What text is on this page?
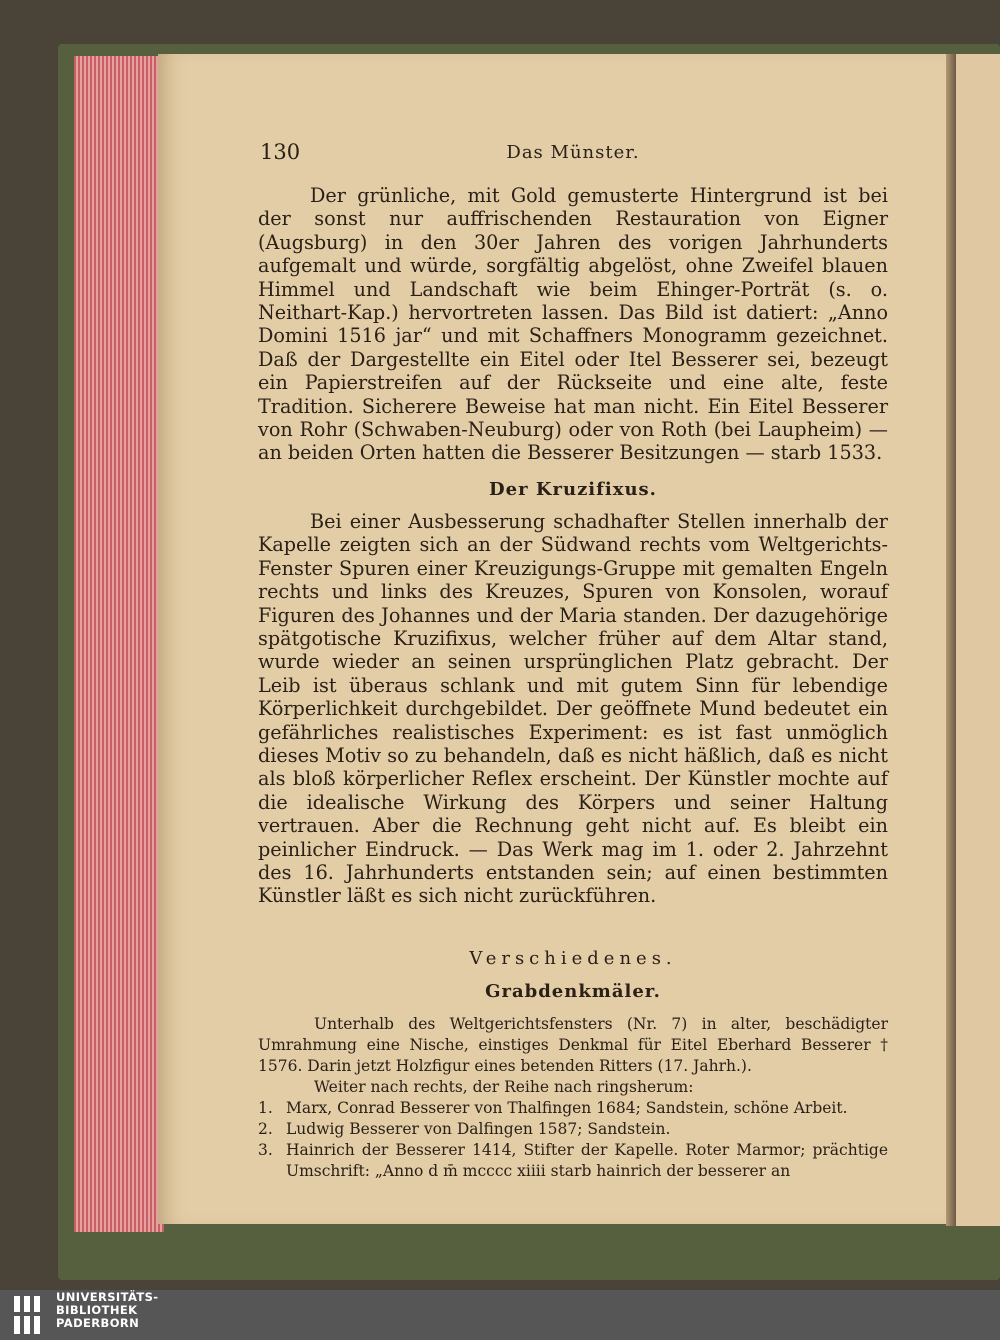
130	Das Münster.

Der grünliche, mit Gold gemusterte Hintergrund ist bei der sonst nur auffrischenden Restauration von Eigner (Augsburg) in den 30er Jahren des vorigen Jahrhunderts aufgemalt und würde, sorgfältig abgelöst, ohne Zweifel blauen Himmel und Landschaft wie beim Ehinger-Porträt (s. o. Neithart-Kap.) hervortreten lassen. Das Bild ist datiert: „Anno Domini 1516 jar“ und mit Schaffners Monogramm gezeichnet. Daß der Dargestellte ein Eitel oder Itel Besserer sei, bezeugt ein Papierstreifen auf der Rückseite und eine alte, feste Tradition. Sicherere Beweise hat man nicht. Ein Eitel Besserer von Rohr (Schwaben-Neuburg) oder von Roth (bei Laupheim) — an beiden Orten hatten die Besserer Besitzungen — starb 1533.

Der Kruzifixus.

Bei einer Ausbesserung schadhafter Stellen innerhalb der Kapelle zeigten sich an der Südwand rechts vom Weltgerichts-Fenster Spuren einer Kreuzigungs-Gruppe mit gemalten Engeln rechts und links des Kreuzes, Spuren von Konsolen, worauf Figuren des Johannes und der Maria standen. Der dazugehörige spätgotische Kruzifixus, welcher früher auf dem Altar stand, wurde wieder an seinen ursprünglichen Platz gebracht. Der Leib ist überaus schlank und mit gutem Sinn für lebendige Körperlichkeit durchgebildet. Der geöffnete Mund bedeutet ein gefährliches realistisches Experiment: es ist fast unmöglich dieses Motiv so zu behandeln, daß es nicht häßlich, daß es nicht als bloß körperlicher Reflex erscheint. Der Künstler mochte auf die idealische Wirkung des Körpers und seiner Haltung vertrauen. Aber die Rechnung geht nicht auf. Es bleibt ein peinlicher Eindruck. — Das Werk mag im 1. oder 2. Jahrzehnt des 16. Jahrhunderts entstanden sein; auf einen bestimmten Künstler läßt es sich nicht zurückführen.

Verschiedenes.
Grabdenkmäler.

Unterhalb des Weltgerichtsfensters (Nr. 7) in alter, beschädigter Umrahmung eine Nische, einstiges Denkmal für Eitel Eberhard Besserer † 1576. Darin jetzt Holzfigur eines betenden Ritters (17. Jahrh.).

Weiter nach rechts, der Reihe nach ringsherum:

1. Marx, Conrad Besserer von Thalfingen 1684; Sandstein, schöne Arbeit.
2. Ludwig Besserer von Dalfingen 1587; Sandstein.
3. Hainrich der Besserer 1414, Stifter der Kapelle. Roter Marmor; prächtige Umschrift: „Anno d m̄ mcccc xiiii starb hainrich der besserer an
UNIVERSITÄTS-
BIBLIOTHEK
PADERBORN
